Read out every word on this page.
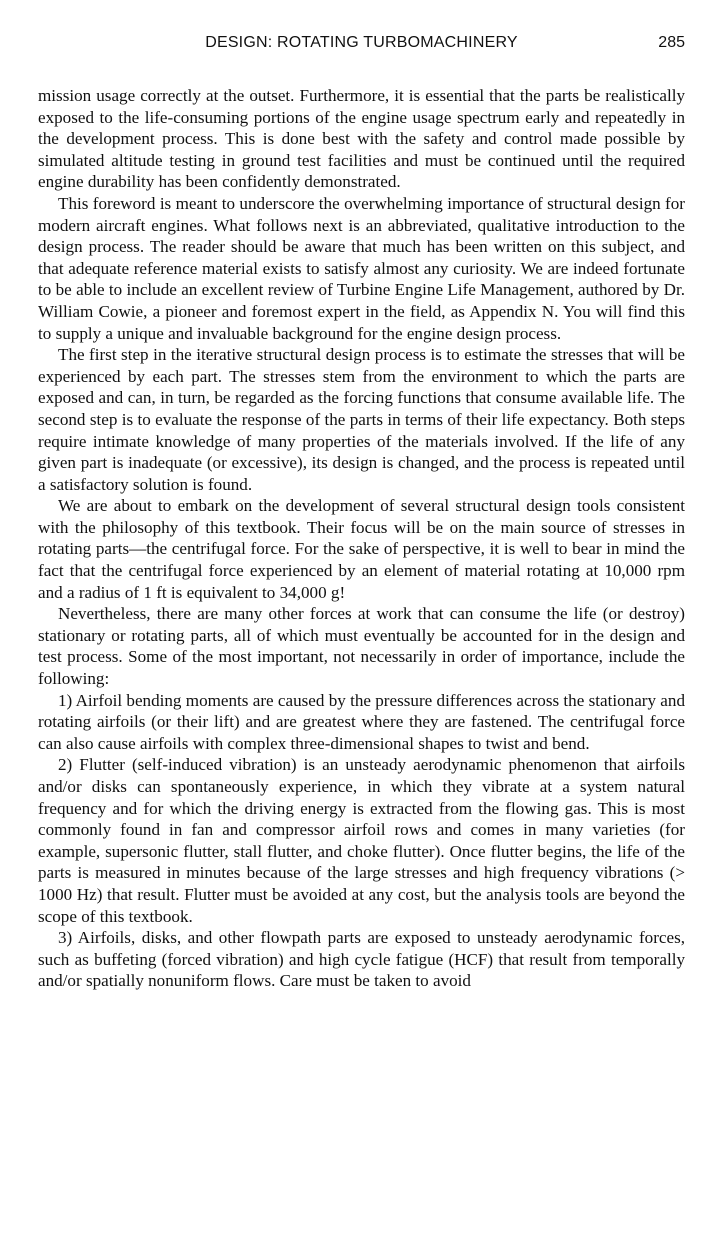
DESIGN: ROTATING TURBOMACHINERY	285

mission usage correctly at the outset. Furthermore, it is essential that the parts be realistically exposed to the life-consuming portions of the engine usage spectrum early and repeatedly in the development process. This is done best with the safety and control made possible by simulated altitude testing in ground test facilities and must be continued until the required engine durability has been confidently demonstrated.

This foreword is meant to underscore the overwhelming importance of structural design for modern aircraft engines. What follows next is an abbreviated, qualitative introduction to the design process. The reader should be aware that much has been written on this subject, and that adequate reference material exists to satisfy almost any curiosity. We are indeed fortunate to be able to include an excellent review of Turbine Engine Life Management, authored by Dr. William Cowie, a pioneer and foremost expert in the field, as Appendix N. You will find this to supply a unique and invaluable background for the engine design process.

The first step in the iterative structural design process is to estimate the stresses that will be experienced by each part. The stresses stem from the environment to which the parts are exposed and can, in turn, be regarded as the forcing functions that consume available life. The second step is to evaluate the response of the parts in terms of their life expectancy. Both steps require intimate knowledge of many properties of the materials involved. If the life of any given part is inadequate (or excessive), its design is changed, and the process is repeated until a satisfactory solution is found.

We are about to embark on the development of several structural design tools consistent with the philosophy of this textbook. Their focus will be on the main source of stresses in rotating parts—the centrifugal force. For the sake of perspective, it is well to bear in mind the fact that the centrifugal force experienced by an element of material rotating at 10,000 rpm and a radius of 1 ft is equivalent to 34,000 g!

Nevertheless, there are many other forces at work that can consume the life (or destroy) stationary or rotating parts, all of which must eventually be accounted for in the design and test process. Some of the most important, not necessarily in order of importance, include the following:

1) Airfoil bending moments are caused by the pressure differences across the stationary and rotating airfoils (or their lift) and are greatest where they are fastened. The centrifugal force can also cause airfoils with complex three-dimensional shapes to twist and bend.

2) Flutter (self-induced vibration) is an unsteady aerodynamic phenomenon that airfoils and/or disks can spontaneously experience, in which they vibrate at a system natural frequency and for which the driving energy is extracted from the flowing gas. This is most commonly found in fan and compressor airfoil rows and comes in many varieties (for example, supersonic flutter, stall flutter, and choke flutter). Once flutter begins, the life of the parts is measured in minutes because of the large stresses and high frequency vibrations (> 1000 Hz) that result. Flutter must be avoided at any cost, but the analysis tools are beyond the scope of this textbook.

3) Airfoils, disks, and other flowpath parts are exposed to unsteady aerodynamic forces, such as buffeting (forced vibration) and high cycle fatigue (HCF) that result from temporally and/or spatially nonuniform flows. Care must be taken to avoid
